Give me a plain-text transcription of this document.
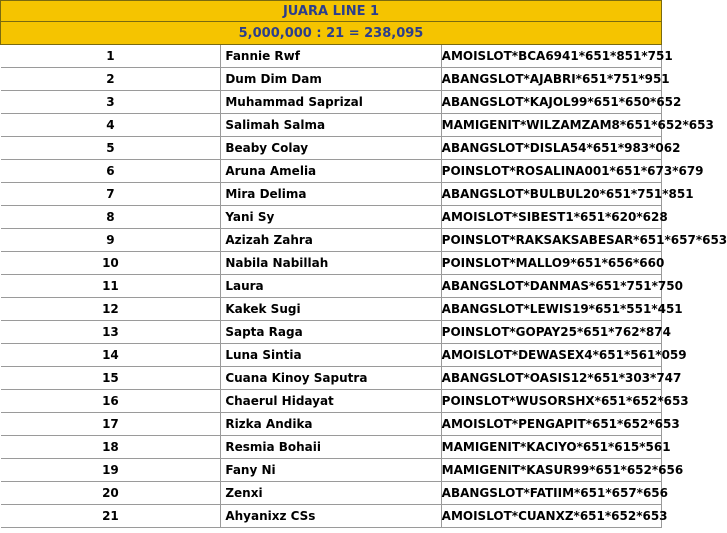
JUARA LINE 1		
5,000,000 : 21 = 238,095		
1	Fannie Rwf	AMOISLOT*BCA6941*651*851*751
2	Dum Dim Dam	ABANGSLOT*AJABRI*651*751*951
3	Muhammad Saprizal	ABANGSLOT*KAJOL99*651*650*652
4	Salimah Salma	MAMIGENIT*WILZAMZAM8*651*652*653
5	Beaby Colay	ABANGSLOT*DISLA54*651*983*062
6	Aruna Amelia	POINSLOT*ROSALINA001*651*673*679
7	Mira Delima	ABANGSLOT*BULBUL20*651*751*851
8	Yani Sy	AMOISLOT*SIBEST1*651*620*628
9	Azizah Zahra	POINSLOT*RAKSAKSABESAR*651*657*653
10	Nabila Nabillah	POINSLOT*MALLO9*651*656*660
11	Laura	ABANGSLOT*DANMAS*651*751*750
12	Kakek Sugi	ABANGSLOT*LEWIS19*651*551*451
13	Sapta Raga	POINSLOT*GOPAY25*651*762*874
14	Luna Sintia	AMOISLOT*DEWASEX4*651*561*059
15	Cuana Kinoy Saputra	ABANGSLOT*OASIS12*651*303*747
16	Chaerul Hidayat	POINSLOT*WUSORSHX*651*652*653
17	Rizka Andika	AMOISLOT*PENGAPIT*651*652*653
18	Resmia Bohaii	MAMIGENIT*KACIYO*651*615*561
19	Fany Ni	MAMIGENIT*KASUR99*651*652*656
20	Zenxi	ABANGSLOT*FATIIM*651*657*656
21	Ahyanixz CSs	AMOISLOT*CUANXZ*651*652*653
